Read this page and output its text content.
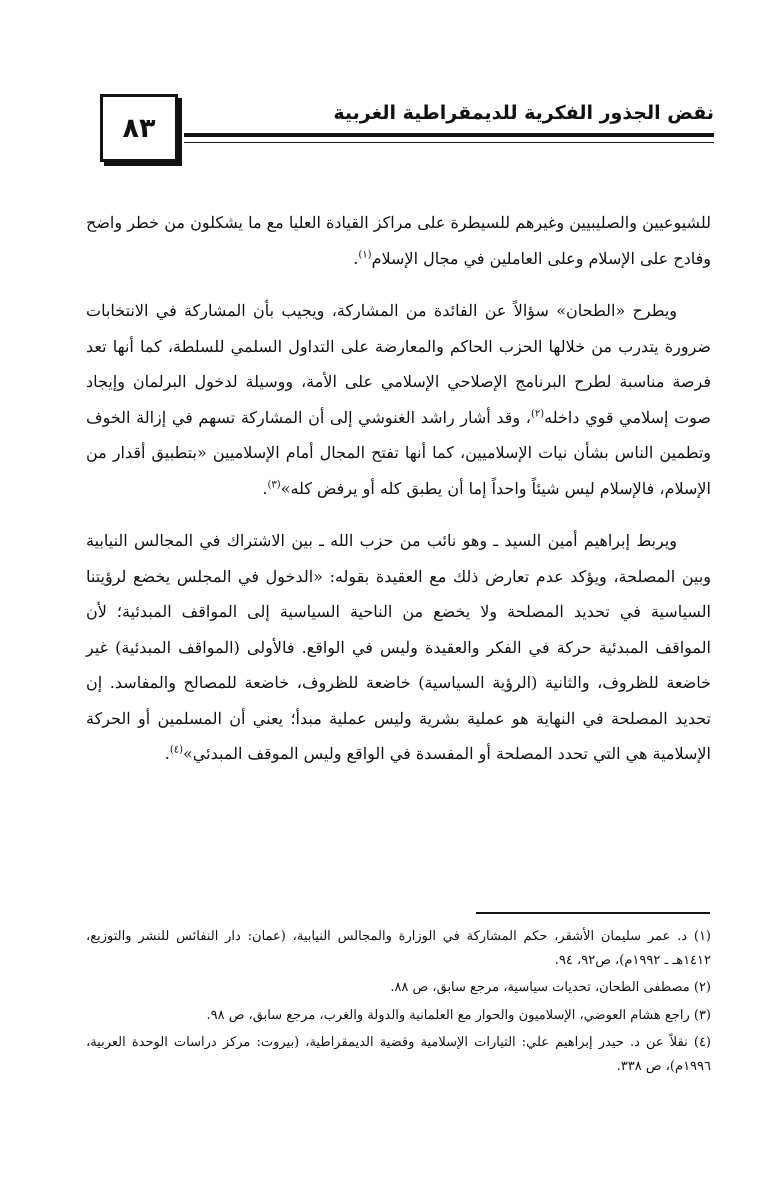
٨٣	نقض الجذور الفكرية للديمقراطية الغربية

للشيوعيين والصليبيين وغيرهم للسيطرة على مراكز القيادة العليا مع ما يشكلون من خطر واضح وفادح على الإسلام وعلى العاملين في مجال الإسلام$^{(١)}$.

ويطرح «الطحان» سؤالاً عن الفائدة من المشاركة، ويجيب بأن المشاركة في الانتخابات ضرورة يتدرب من خلالها الحزب الحاكم والمعارضة على التداول السلمي للسلطة، كما أنها تعد فرصة مناسبة لطرح البرنامج الإصلاحي الإسلامي على الأمة، ووسيلة لدخول البرلمان وإيجاد صوت إسلامي قوي داخله$^{(٢)}$، وقد أشار راشد الغنوشي إلى أن المشاركة تسهم في إزالة الخوف وتطمين الناس بشأن نيات الإسلاميين، كما أنها تفتح المجال أمام الإسلاميين «بتطبيق أقدار من الإسلام، فالإسلام ليس شيئاً واحداً إما أن يطبق كله أو يرفض كله»$^{(٣)}$.

ويربط إبراهيم أمين السيد ـ وهو نائب من حزب الله ـ بين الاشتراك في المجالس النيابية وبين المصلحة، ويؤكد عدم تعارض ذلك مع العقيدة بقوله: «الدخول في المجلس يخضع لرؤيتنا السياسية في تحديد المصلحة ولا يخضع من الناحية السياسية إلى المواقف المبدئية؛ لأن المواقف المبدئية حركة في الفكر والعقيدة وليس في الواقع. فالأولى (المواقف المبدئية) غير خاضعة للظروف، والثانية (الرؤية السياسية) خاضعة للظروف، خاضعة للمصالح والمفاسد. إن تحديد المصلحة في النهاية هو عملية بشرية وليس عملية مبدأ؛ يعني أن المسلمين أو الحركة الإسلامية هي التي تحدد المصلحة أو المفسدة في الواقع وليس الموقف المبدئي»$^{(٤)}$.

(١) د. عمر سليمان الأشقر، حكم المشاركة في الوزارة والمجالس النيابية، (عمان: دار النفائس للنشر والتوزيع، ١٤١٢هـ ـ ١٩٩٢م)، ص٩٢، ٩٤.

(٢) مصطفى الطحان، تحديات سياسية، مرجع سابق، ص ٨٨.

(٣) راجع هشام العوضي، الإسلاميون والحوار مع العلمانية والدولة والغرب، مرجع سابق، ص ٩٨.

(٤) نقلاً عن د. حيدر إبراهيم علي: التيارات الإسلامية وقضية الديمقراطية، (بيروت: مركز دراسات الوحدة العربية، ١٩٩٦م)، ص ٣٣٨.
